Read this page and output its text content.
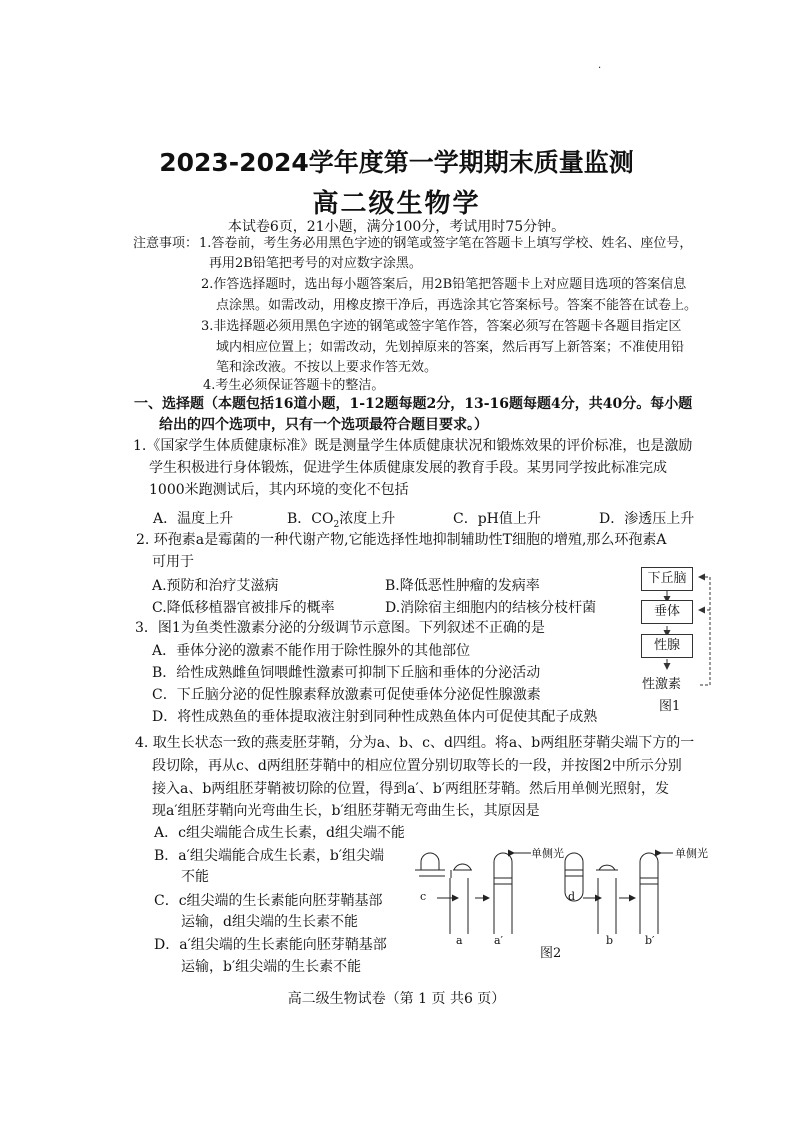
.
2023-2024学年度第一学期期末质量监测
高二级生物学
本试卷6页，21小题，满分100分，考试用时75分钟。
注意事项： 1.答卷前，考生务必用黑色字迹的钢笔或签字笔在答题卡上填写学校、姓名、座位号，
再用2B铅笔把考号的对应数字涂黑。
2.作答选择题时，选出每小题答案后，用2B铅笔把答题卡上对应题目选项的答案信息
点涂黑。如需改动，用橡皮擦干净后，再选涂其它答案标号。答案不能答在试卷上。
3.非选择题必须用黑色字迹的钢笔或签字笔作答，答案必须写在答题卡各题目指定区
域内相应位置上；如需改动，先划掉原来的答案，然后再写上新答案；不准使用铅
笔和涂改液。不按以上要求作答无效。
4.考生必须保证答题卡的整洁。
一、选择题（本题包括16道小题，1-12题每题2分，13-16题每题4分，共40分。每小题
给出的四个选项中，只有一个选项最符合题目要求。）
1.《国家学生体质健康标准》既是测量学生体质健康状况和锻炼效果的评价标准，也是激励
学生积极进行身体锻炼，促进学生体质健康发展的教育手段。某男同学按此标准完成
1000米跑测试后，其内环境的变化不包括
A．温度上升	B．$CO_2$浓度上升	C．pH值上升	D．渗透压上升
2. 环孢素a是霉菌的一种代谢产物,它能选择性地抑制辅助性T细胞的增殖,那么环孢素A
可用于
A.预防和治疗艾滋病	B.降低恶性肿瘤的发病率
C.降低移植器官被排斥的概率	D.消除宿主细胞内的结核分枝杆菌
3．图1为鱼类性激素分泌的分级调节示意图。下列叙述不正确的是
A．垂体分泌的激素不能作用于除性腺外的其他部位
B．给性成熟雌鱼饲喂雌性激素可抑制下丘脑和垂体的分泌活动
C．下丘脑分泌的促性腺素释放激素可促使垂体分泌促性腺激素
D．将性成熟鱼的垂体提取液注射到同种性成熟鱼体内可促使其配子成熟
下丘脑
垂体
性腺
性激素
图1
4. 取生长状态一致的燕麦胚芽鞘，分为a、b、c、d四组。将a、b两组胚芽鞘尖端下方的一
段切除，再从c、d两组胚芽鞘中的相应位置分别切取等长的一段，并按图2中所示分别
接入a、b两组胚芽鞘被切除的位置，得到a′、b′两组胚芽鞘。然后用单侧光照射，发
现a′组胚芽鞘向光弯曲生长，b′组胚芽鞘无弯曲生长，其原因是
A．c组尖端能合成生长素，d组尖端不能
B．a′组尖端能合成生长素，b′组尖端
不能
C．c组尖端的生长素能向胚芽鞘基部
运输，d组尖端的生长素不能
D．a′组尖端的生长素能向胚芽鞘基部
运输，b′组尖端的生长素不能
单侧光	单侧光
c	d
a	a′	b	b′
图2
高二级生物试卷（第 1 页 共6 页）
